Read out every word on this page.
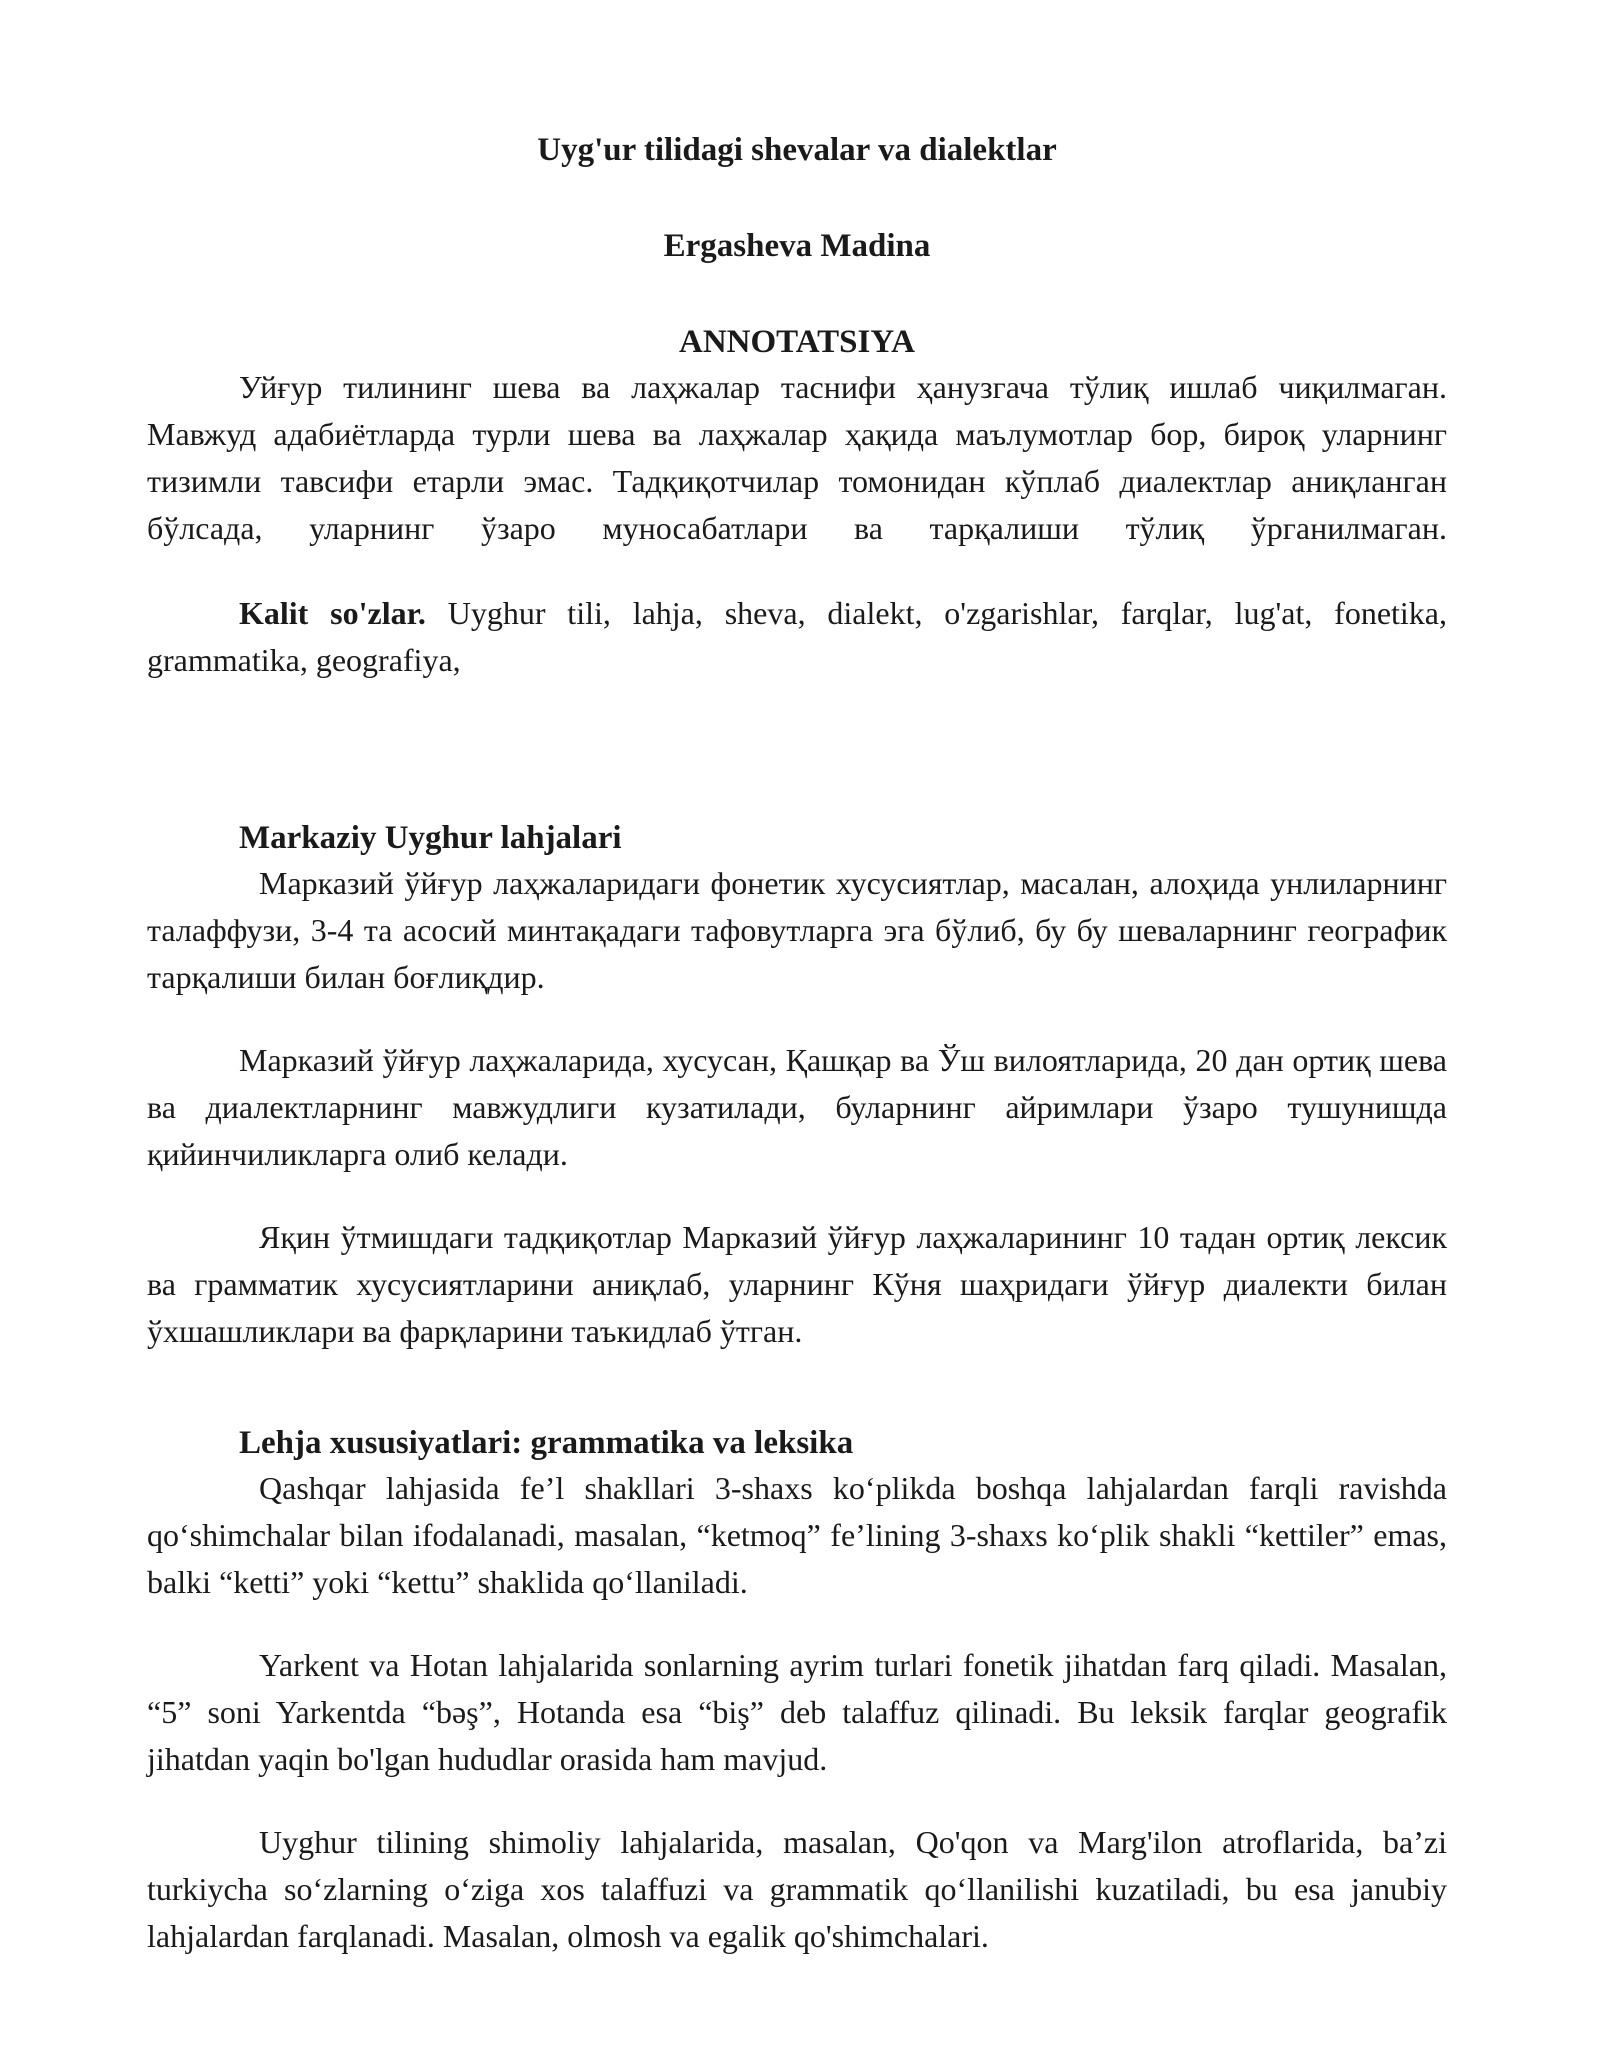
Uyg'ur tilidagi shevalar va dialektlar
Ergasheva Madina
ANNOTATSIYA

Уйғур тилининг шева ва лаҳжалар таснифи ҳанузгача тўлиқ ишлаб чиқилмаган. Мавжуд адабиётларда турли шева ва лаҳжалар ҳақида маълумотлар бор, бироқ уларнинг тизимли тавсифи етарли эмас. Тадқиқотчилар томонидан кўплаб диалектлар аниқланган бўлсада, уларнинг ўзаро муносабатлари ва тарқалиши тўлиқ ўрганилмаган.

Kalit so'zlar. Uyghur tili, lahja, sheva, dialekt, o'zgarishlar, farqlar, lug'at, fonetika, grammatika, geografiya,

Markaziy Uyghur lahjalari

Марказий ўйғур лаҳжаларидаги фонетик хусусиятлар, масалан, алоҳида унлиларнинг талаффузи, 3-4 та асосий минтақадаги тафовутларга эга бўлиб, бу бу шеваларнинг географик тарқалиши билан боғлиқдир.

Марказий ўйғур лаҳжаларида, хусусан, Қашқар ва Ўш вилоятларида, 20 дан ортиқ шева ва диалектларнинг мавжудлиги кузатилади, буларнинг айримлари ўзаро тушунишда қийинчиликларга олиб келади.

Яқин ўтмишдаги тадқиқотлар Марказий ўйғур лаҳжаларининг 10 тадан ортиқ лексик ва грамматик хусусиятларини аниқлаб, уларнинг Кўня шаҳридаги ўйғур диалекти билан ўхшашликлари ва фарқларини таъкидлаб ўтган.

Lehja xususiyatlari: grammatika va leksika

Qashqar lahjasida fe’l shakllari 3-shaxs ko‘plikda boshqa lahjalardan farqli ravishda qo‘shimchalar bilan ifodalanadi, masalan, “ketmoq” fe’lining 3-shaxs ko‘plik shakli “kettiler” emas, balki “ketti” yoki “kettu” shaklida qo‘llaniladi.

Yarkent va Hotan lahjalarida sonlarning ayrim turlari fonetik jihatdan farq qiladi. Masalan, “5” soni Yarkentda “bəş”, Hotanda esa “biş” deb talaffuz qilinadi. Bu leksik farqlar geografik jihatdan yaqin bo'lgan hududlar orasida ham mavjud.

Uyghur tilining shimoliy lahjalarida, masalan, Qo'qon va Marg'ilon atroflarida, ba’zi turkiycha so‘zlarning o‘ziga xos talaffuzi va grammatik qo‘llanilishi kuzatiladi, bu esa janubiy lahjalardan farqlanadi. Masalan, olmosh va egalik qo'shimchalari.
